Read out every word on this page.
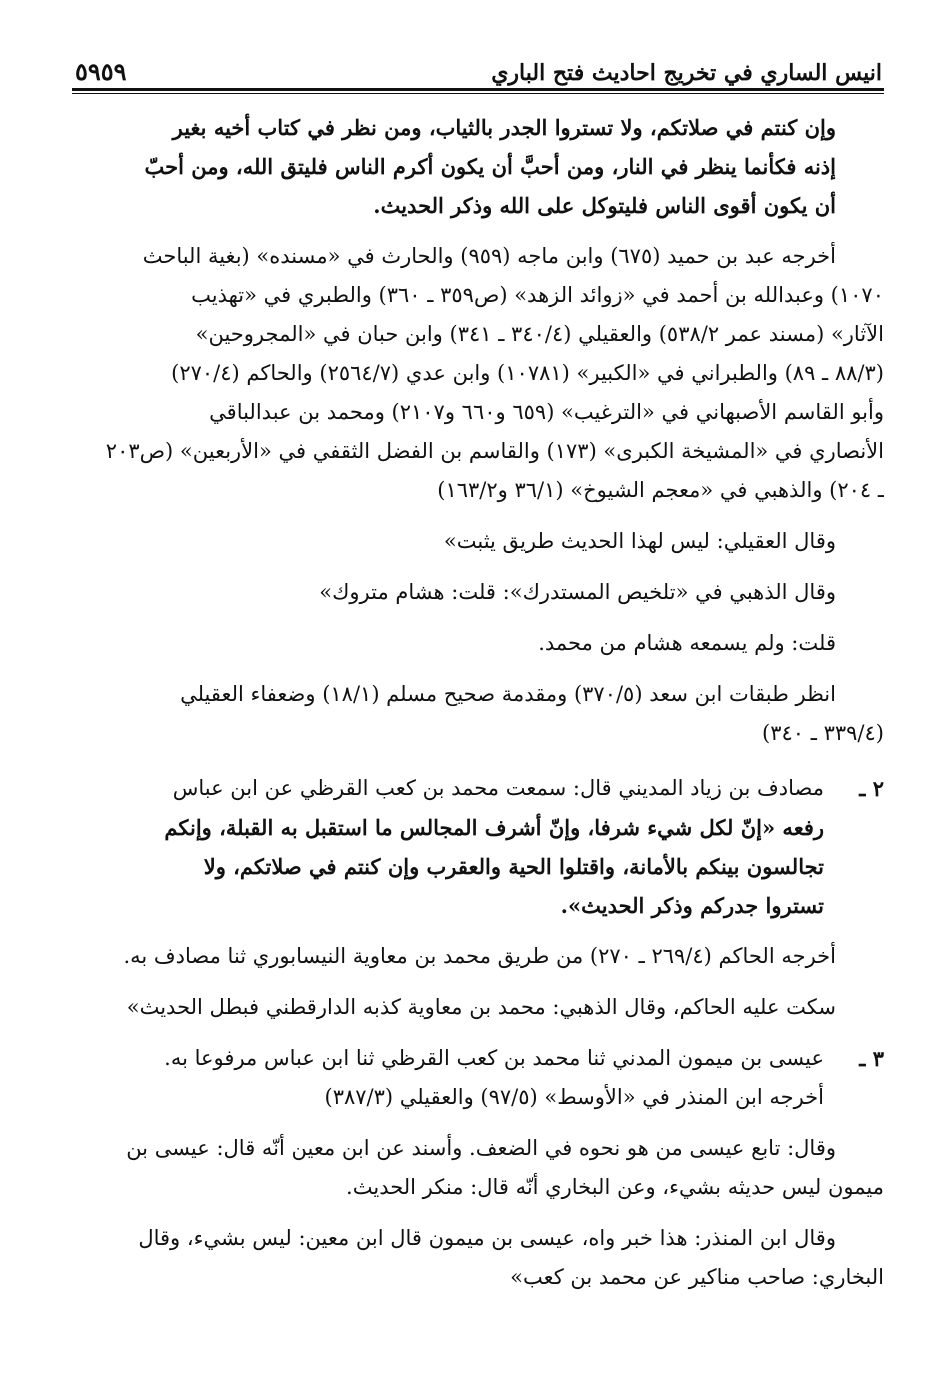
انيس الساري في تخريج احاديث فتح الباري
٥٩٥٩
وإن كنتم في صلاتكم، ولا تستروا الجدر بالثياب، ومن نظر في كتاب أخيه بغير
إذنه فكأنما ينظر في النار، ومن أحبَّ أن يكون أكرم الناس فليتق الله، ومن أحبّ
أن يكون أقوى الناس فليتوكل على الله وذكر الحديث.
أخرجه عبد بن حميد (٦٧٥) وابن ماجه (٩٥٩) والحارث في «مسنده» (بغية الباحث
١٠٧٠) وعبدالله بن أحمد في «زوائد الزهد» (ص٣٥٩ ـ ٣٦٠) والطبري في «تهذيب
الآثار» (مسند عمر ٥٣٨/٢) والعقيلي (٣٤٠/٤ ـ ٣٤١) وابن حبان في «المجروحين»
(٨٨/٣ ـ ٨٩) والطبراني في «الكبير» (١٠٧٨١) وابن عدي (٢٥٦٤/٧) والحاكم (٢٧٠/٤)
وأبو القاسم الأصبهاني في «الترغيب» (٦٥٩ و٦٦٠ و٢١٠٧) ومحمد بن عبدالباقي
الأنصاري في «المشيخة الكبرى» (١٧٣) والقاسم بن الفضل الثقفي في «الأربعين» (ص٢٠٣
ـ ٢٠٤) والذهبي في «معجم الشيوخ» (٣٦/١ و١٦٣/٢)
وقال العقيلي: ليس لهذا الحديث طريق يثبت»
وقال الذهبي في «تلخيص المستدرك»: قلت: هشام متروك»
قلت: ولم يسمعه هشام من محمد.
انظر طبقات ابن سعد (٣٧٠/٥) ومقدمة صحيح مسلم (١٨/١) وضعفاء العقيلي
(٣٣٩/٤ ـ ٣٤٠)
٢ ـ
مصادف بن زياد المديني قال: سمعت محمد بن كعب القرظي عن ابن عباس
رفعه «إنّ لكل شيء شرفا، وإنّ أشرف المجالس ما استقبل به القبلة، وإنكم
تجالسون بينكم بالأمانة، واقتلوا الحية والعقرب وإن كنتم في صلاتكم، ولا
تستروا جدركم وذكر الحديث».
أخرجه الحاكم (٢٦٩/٤ ـ ٢٧٠) من طريق محمد بن معاوية النيسابوري ثنا مصادف به.
سكت عليه الحاكم، وقال الذهبي: محمد بن معاوية كذبه الدارقطني فبطل الحديث»
٣ ـ
عيسى بن ميمون المدني ثنا محمد بن كعب القرظي ثنا ابن عباس مرفوعا به.
أخرجه ابن المنذر في «الأوسط» (٩٧/٥) والعقيلي (٣٨٧/٣)
وقال: تابع عيسى من هو نحوه في الضعف. وأسند عن ابن معين أنّه قال: عيسى بن
ميمون ليس حديثه بشيء، وعن البخاري أنّه قال: منكر الحديث.
وقال ابن المنذر: هذا خبر واه، عيسى بن ميمون قال ابن معين: ليس بشيء، وقال
البخاري: صاحب مناكير عن محمد بن كعب»
